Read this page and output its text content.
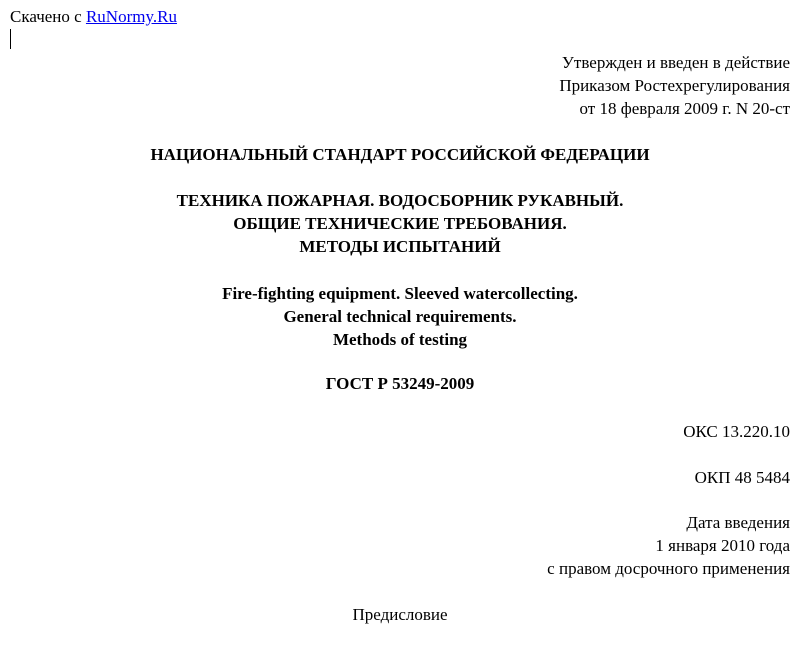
Скачено с RuNormy.Ru
Утвержден и введен в действие
Приказом Ростехрегулирования
от 18 февраля 2009 г. N 20-ст
НАЦИОНАЛЬНЫЙ СТАНДАРТ РОССИЙСКОЙ ФЕДЕРАЦИИ
ТЕХНИКА ПОЖАРНАЯ. ВОДОСБОРНИК РУКАВНЫЙ.
ОБЩИЕ ТЕХНИЧЕСКИЕ ТРЕБОВАНИЯ.
МЕТОДЫ ИСПЫТАНИЙ
Fire-fighting equipment. Sleeved watercollecting.
General technical requirements.
Methods of testing
ГОСТ Р 53249-2009
ОКС 13.220.10
ОКП 48 5484
Дата введения
1 января 2010 года
с правом досрочного применения
Предисловие
